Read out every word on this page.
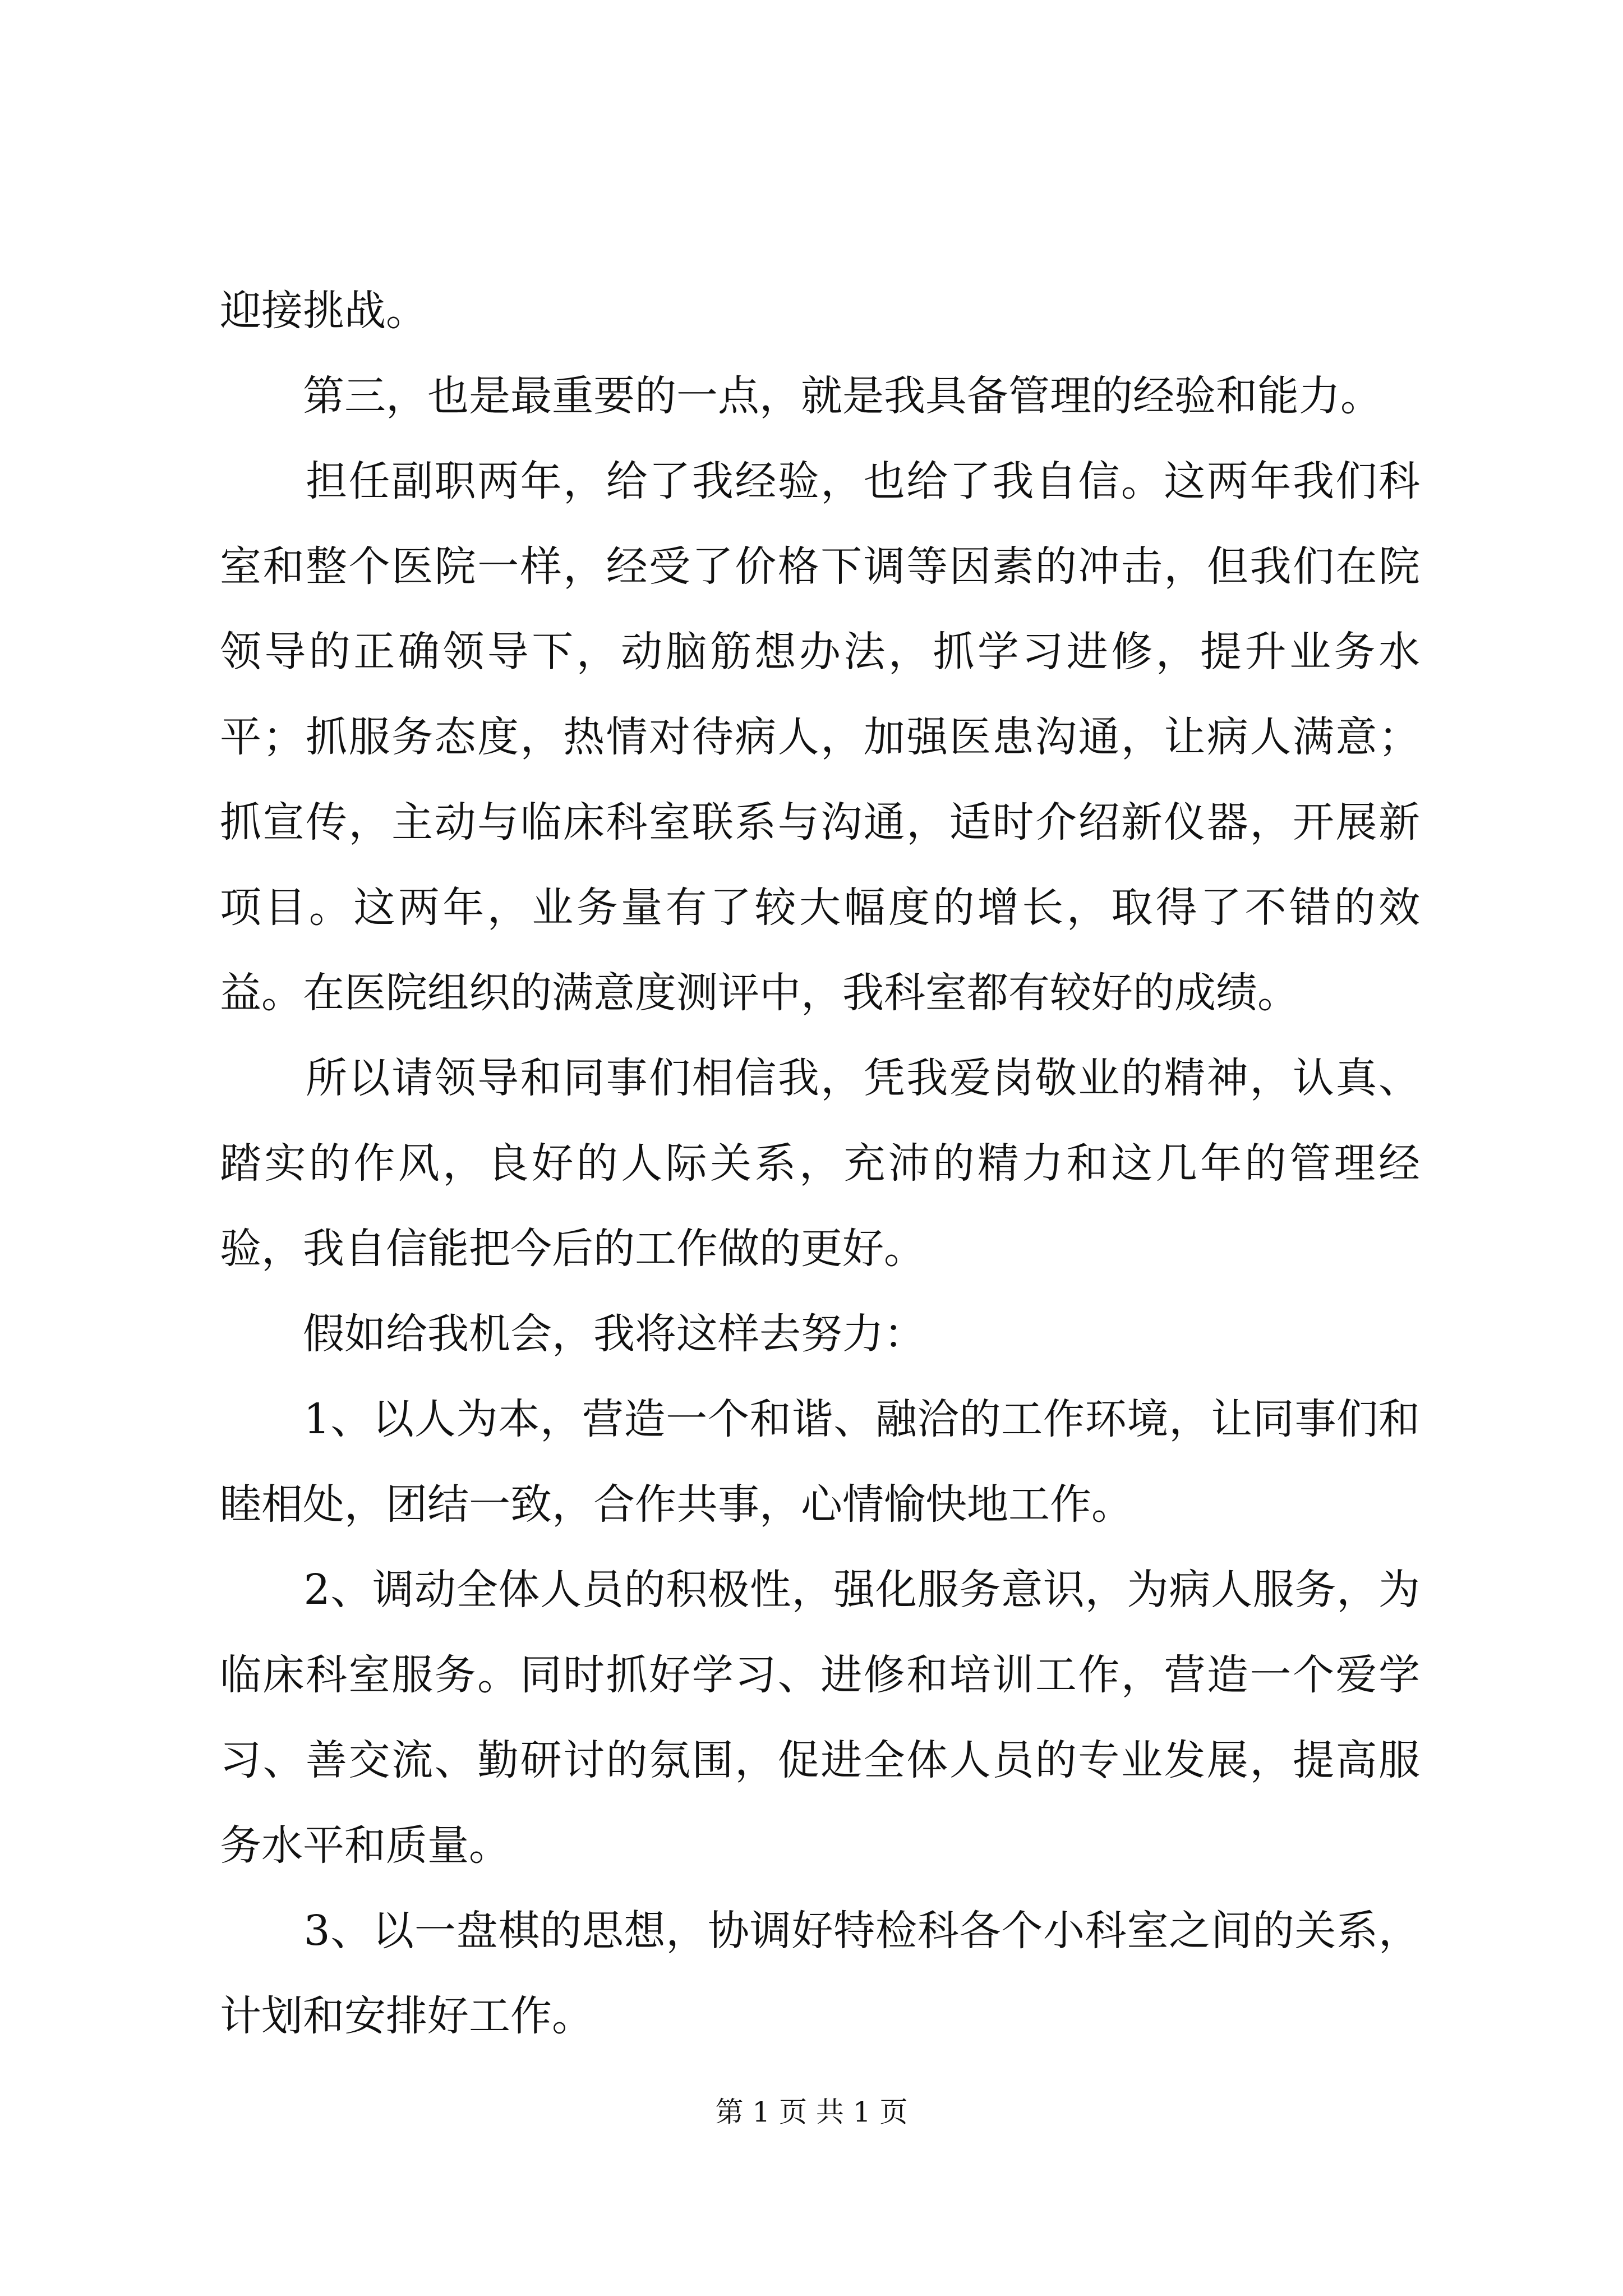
迎接挑战。

　　第三，也是最重要的一点，就是我具备管理的经验和能力。

　　担任副职两年，给了我经验，也给了我自信。这两年我们科室和整个医院一样，经受了价格下调等因素的冲击，但我们在院领导的正确领导下，动脑筋想办法，抓学习进修，提升业务水平；抓服务态度，热情对待病人，加强医患沟通，让病人满意；抓宣传，主动与临床科室联系与沟通，适时介绍新仪器，开展新项目。这两年，业务量有了较大幅度的增长，取得了不错的效益。在医院组织的满意度测评中，我科室都有较好的成绩。

　　所以请领导和同事们相信我，凭我爱岗敬业的精神，认真、踏实的作风，良好的人际关系，充沛的精力和这几年的管理经验，我自信能把今后的工作做的更好。

　　假如给我机会，我将这样去努力：

　　1、以人为本，营造一个和谐、融洽的工作环境，让同事们和睦相处，团结一致，合作共事，心情愉快地工作。

　　2、调动全体人员的积极性，强化服务意识，为病人服务，为临床科室服务。同时抓好学习、进修和培训工作，营造一个爱学习、善交流、勤研讨的氛围，促进全体人员的专业发展，提高服务水平和质量。

　　3、以一盘棋的思想，协调好特检科各个小科室之间的关系，计划和安排好工作。

第 1 页 共 1 页
